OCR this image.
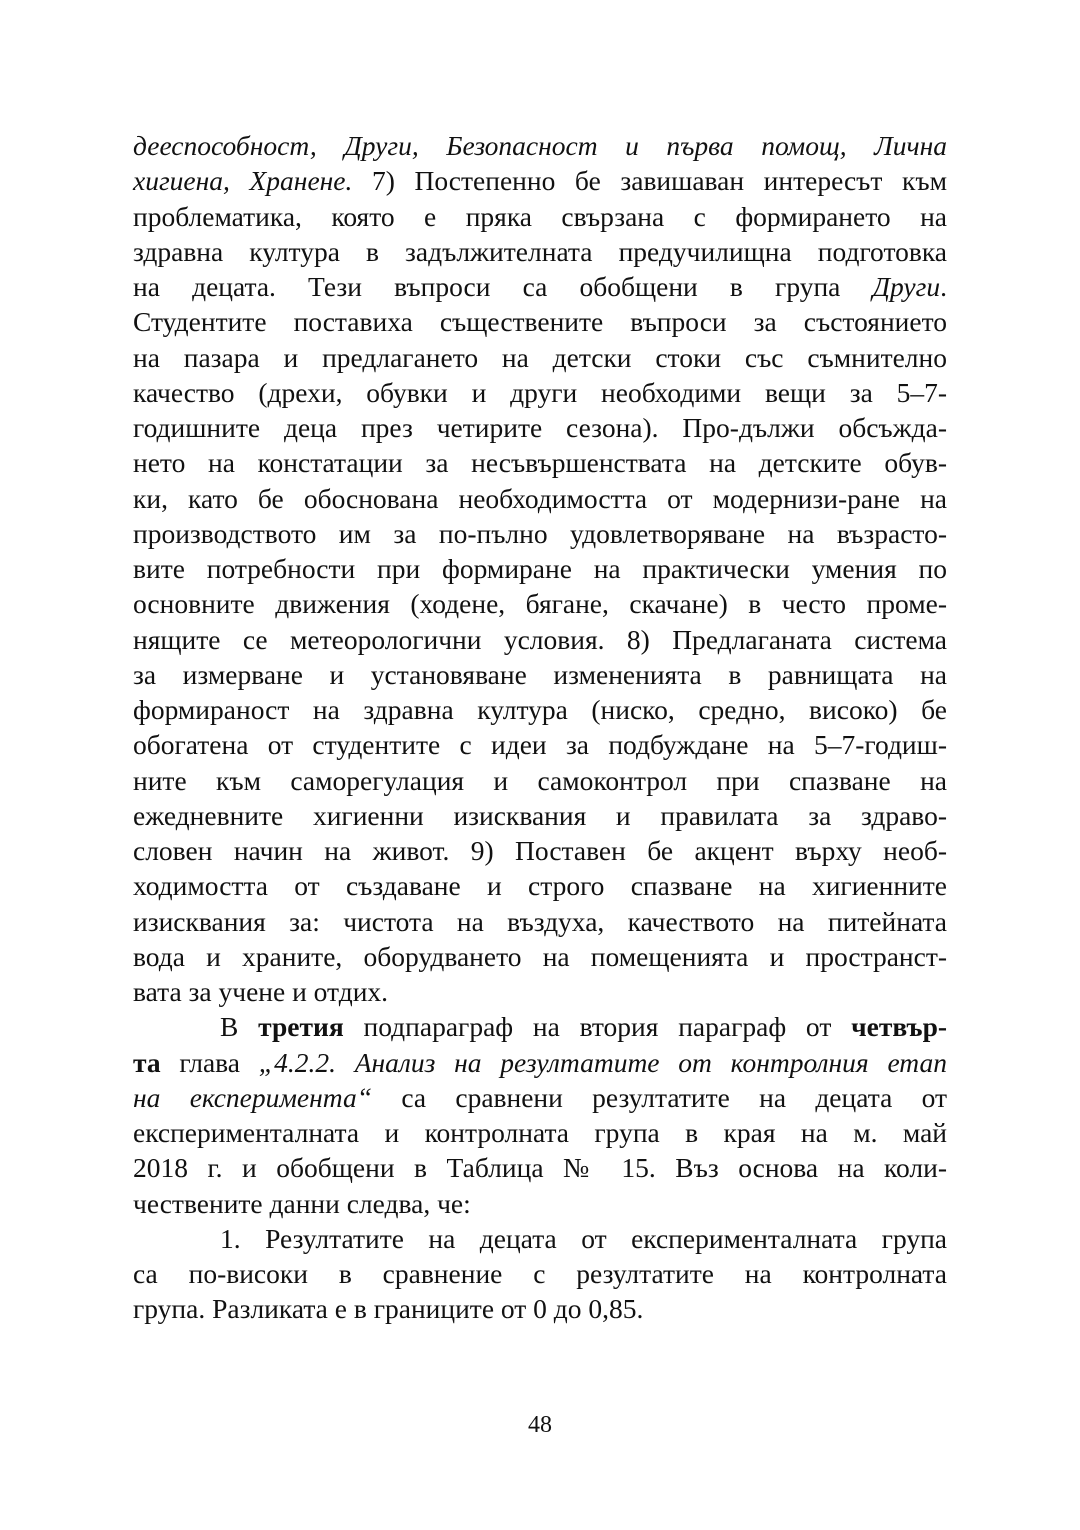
дееспособност, Други, Безопасност и първа помощ, Лична
хигиена, Хранене. 7) Постепенно бе завишаван интересът към
проблематика, която е пряка свързана с формирането на
здравна култура в задължителната предучилищна подготовка
на децата. Тези въпроси са обобщени в група Други.
Студентите поставиха съществените въпроси за състоянието
на пазара и предлагането на детски стоки със съмнително
качество (дрехи, обувки и други необходими вещи за 5–7-
годишните деца през четирите сезона). Про-дължи обсъжда-
нето на констатации за несъвършенствата на детските обув-
ки, като бе обоснована необходимостта от модернизи-ране на
производството им за по-пълно удовлетворяване на възрасто-
вите потребности при формиране на практически умения по
основните движения (ходене, бягане, скачане) в често проме-
нящите се метеорологични условия. 8) Предлаганата система
за измерване и установяване измененията в равнищата на
формираност на здравна култура (ниско, средно, високо) бе
обогатена от студентите с идеи за подбуждане на 5–7-годиш-
ните към саморегулация и самоконтрол при спазване на
ежедневните хигиенни изисквания и правилата за здраво-
словен начин на живот. 9) Поставен бе акцент върху необ-
ходимостта от създаване и строго спазване на хигиенните
изисквания за: чистота на въздуха, качеството на питейната
вода и храните, оборудването на помещенията и пространст-
вата за учене и отдих.
В третия подпараграф на втория параграф от четвър-
та глава „4.2.2. Анализ на резултатите от контролния етап
на експеримента“ са сравнени резултатите на децата от
експерименталната и контролната група в края на м. май
2018 г. и обобщени в Таблица № 15. Въз основа на коли-
чествените данни следва, че:
1. Резултатите на децата от експерименталната група
са по-високи в сравнение с резултатите на контролната
група. Разликата е в границите от 0 до 0,85.
48
